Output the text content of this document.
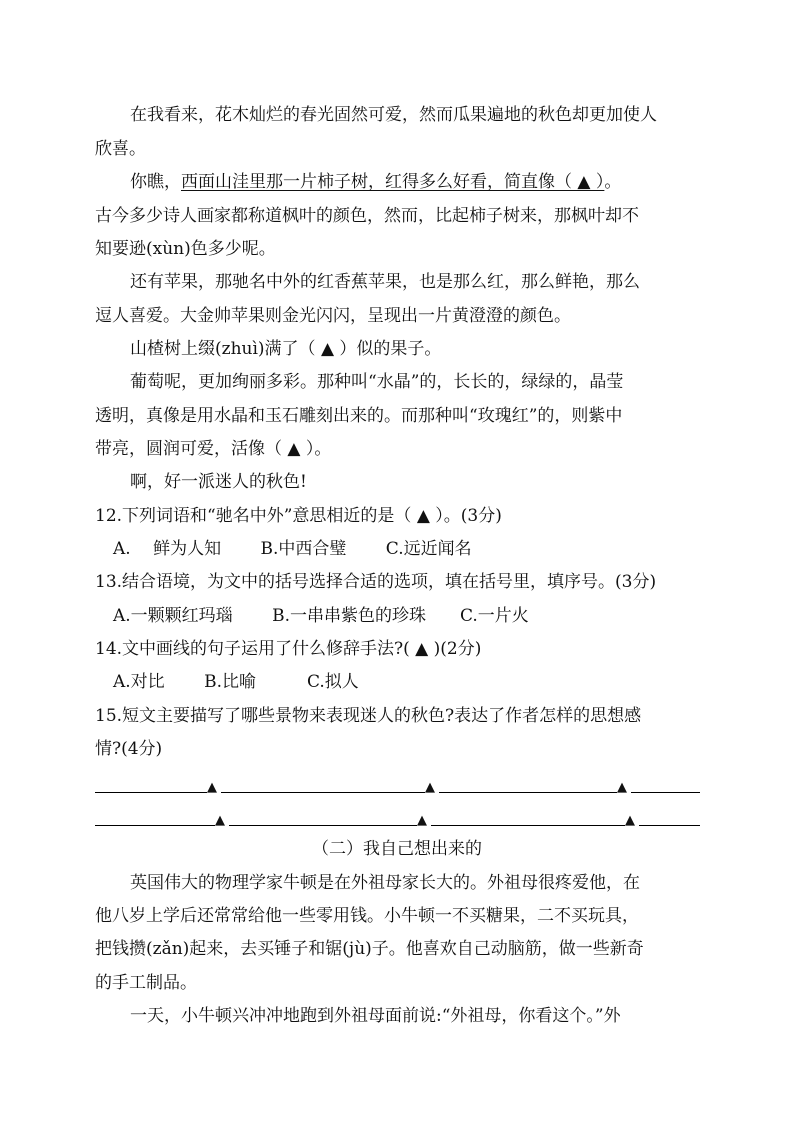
在我看来，花木灿烂的春光固然可爱，然而瓜果遍地的秋色却更加使人
欣喜。
你瞧，西面山洼里那一片柿子树，红得多么好看，简直像（ ▲ ）。
古今多少诗人画家都称道枫叶的颜色，然而，比起柿子树来，那枫叶却不
知要逊(xùn)色多少呢。
还有苹果，那驰名中外的红香蕉苹果，也是那么红，那么鲜艳，那么
逗人喜爱。大金帅苹果则金光闪闪，呈现出一片黄澄澄的颜色。
山楂树上缀(zhuì)满了（ ▲ ）似的果子。
葡萄呢，更加绚丽多彩。那种叫“水晶”的，长长的，绿绿的，晶莹
透明，真像是用水晶和玉石雕刻出来的。而那种叫“玫瑰红”的，则紫中
带亮，圆润可爱，活像（ ▲ ）。
啊，好一派迷人的秋色!
12.下列词语和“驰名中外”意思相近的是（ ▲ ）。(3分)
A.　 鲜为人知　　 B.中西合璧　　 C.远近闻名
13.结合语境，为文中的括号选择合适的选项，填在括号里，填序号。(3分)
A.一颗颗红玛瑙　　 B.一串串紫色的珍珠　　C.一片火
14.文中画线的句子运用了什么修辞手法?( ▲ )(2分)
A.对比　　 B.比喻　　　C.拟人
15.短文主要描写了哪些景物来表现迷人的秋色?表达了作者怎样的思想感
情?(4分)
▲	▲	▲
▲	▲	▲
（二）我自己想出来的
英国伟大的物理学家牛顿是在外祖母家长大的。外祖母很疼爱他，在
他八岁上学后还常常给他一些零用钱。小牛顿一不买糖果，二不买玩具，
把钱攒(zǎn)起来，去买锤子和锯(jù)子。他喜欢自己动脑筋，做一些新奇
的手工制品。
一天，小牛顿兴冲冲地跑到外祖母面前说:“外祖母，你看这个。”外
